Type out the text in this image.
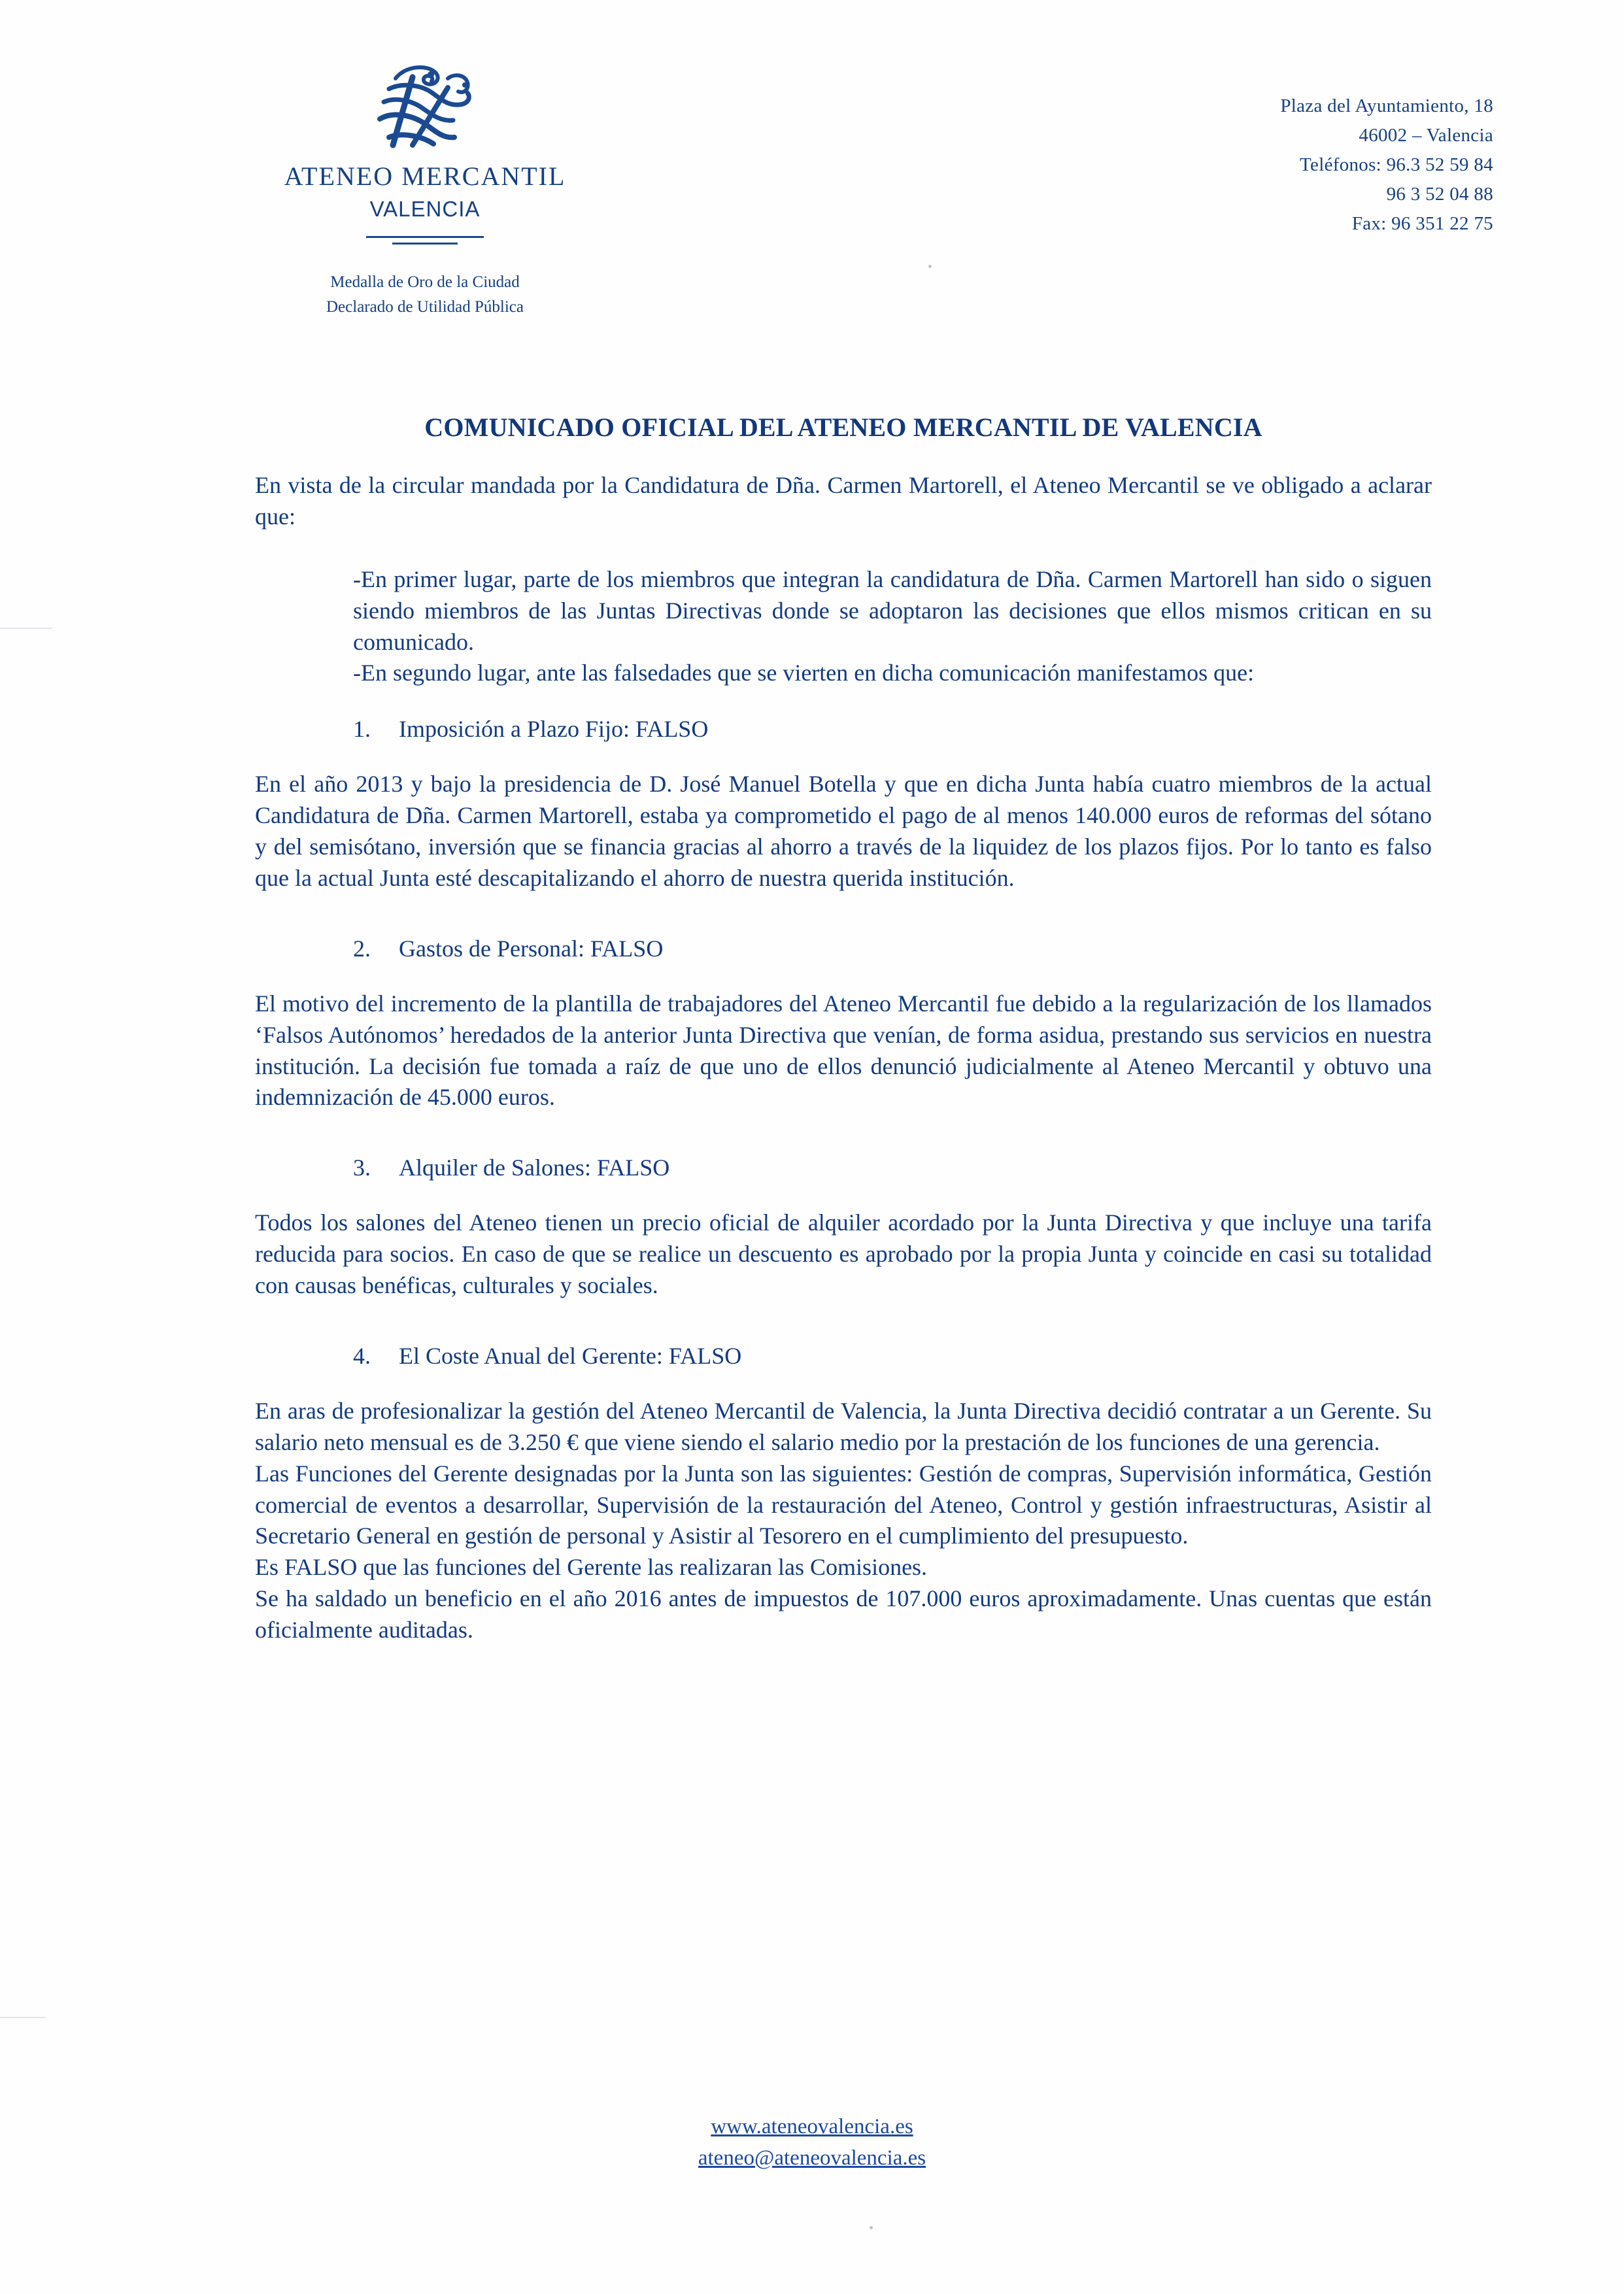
ATENEO MERCANTIL
VALENCIA
Medalla de Oro de la Ciudad
Declarado de Utilidad Pública
Plaza del Ayuntamiento, 18
46002 – Valencia
Teléfonos: 96.3 52 59 84
96 3 52 04 88
Fax: 96 351 22 75
COMUNICADO OFICIAL DEL ATENEO MERCANTIL DE VALENCIA

En vista de la circular mandada por la Candidatura de Dña. Carmen Martorell, el Ateneo Mercantil se ve obligado a aclarar que:

-En primer lugar, parte de los miembros que integran la candidatura de Dña. Carmen Martorell han sido o siguen siendo miembros de las Juntas Directivas donde se adoptaron las decisiones que ellos mismos critican en su comunicado.

-En segundo lugar, ante las falsedades que se vierten en dicha comunicación manifestamos que:

1. Imposición a Plazo Fijo: FALSO

En el año 2013 y bajo la presidencia de D. José Manuel Botella y que en dicha Junta había cuatro miembros de la actual Candidatura de Dña. Carmen Martorell, estaba ya comprometido el pago de al menos 140.000 euros de reformas del sótano y del semisótano, inversión que se financia gracias al ahorro a través de la liquidez de los plazos fijos. Por lo tanto es falso que la actual Junta esté descapitalizando el ahorro de nuestra querida institución.

2. Gastos de Personal: FALSO

El motivo del incremento de la plantilla de trabajadores del Ateneo Mercantil fue debido a la regularización de los llamados ‘Falsos Autónomos’ heredados de la anterior Junta Directiva que venían, de forma asidua, prestando sus servicios en nuestra institución. La decisión fue tomada a raíz de que uno de ellos denunció judicialmente al Ateneo Mercantil y obtuvo una indemnización de 45.000 euros.

3. Alquiler de Salones: FALSO

Todos los salones del Ateneo tienen un precio oficial de alquiler acordado por la Junta Directiva y que incluye una tarifa reducida para socios. En caso de que se realice un descuento es aprobado por la propia Junta y coincide en casi su totalidad con causas benéficas, culturales y sociales.

4. El Coste Anual del Gerente: FALSO

En aras de profesionalizar la gestión del Ateneo Mercantil de Valencia, la Junta Directiva decidió contratar a un Gerente. Su salario neto mensual es de 3.250 € que viene siendo el salario medio por la prestación de los funciones de una gerencia.

Las Funciones del Gerente designadas por la Junta son las siguientes: Gestión de compras, Supervisión informática, Gestión comercial de eventos a desarrollar, Supervisión de la restauración del Ateneo, Control y gestión infraestructuras, Asistir al Secretario General en gestión de personal y Asistir al Tesorero en el cumplimiento del presupuesto.

Es FALSO que las funciones del Gerente las realizaran las Comisiones.

Se ha saldado un beneficio en el año 2016 antes de impuestos de 107.000 euros aproximadamente. Unas cuentas que están oficialmente auditadas.

www.ateneovalencia.es
ateneo@ateneovalencia.es
